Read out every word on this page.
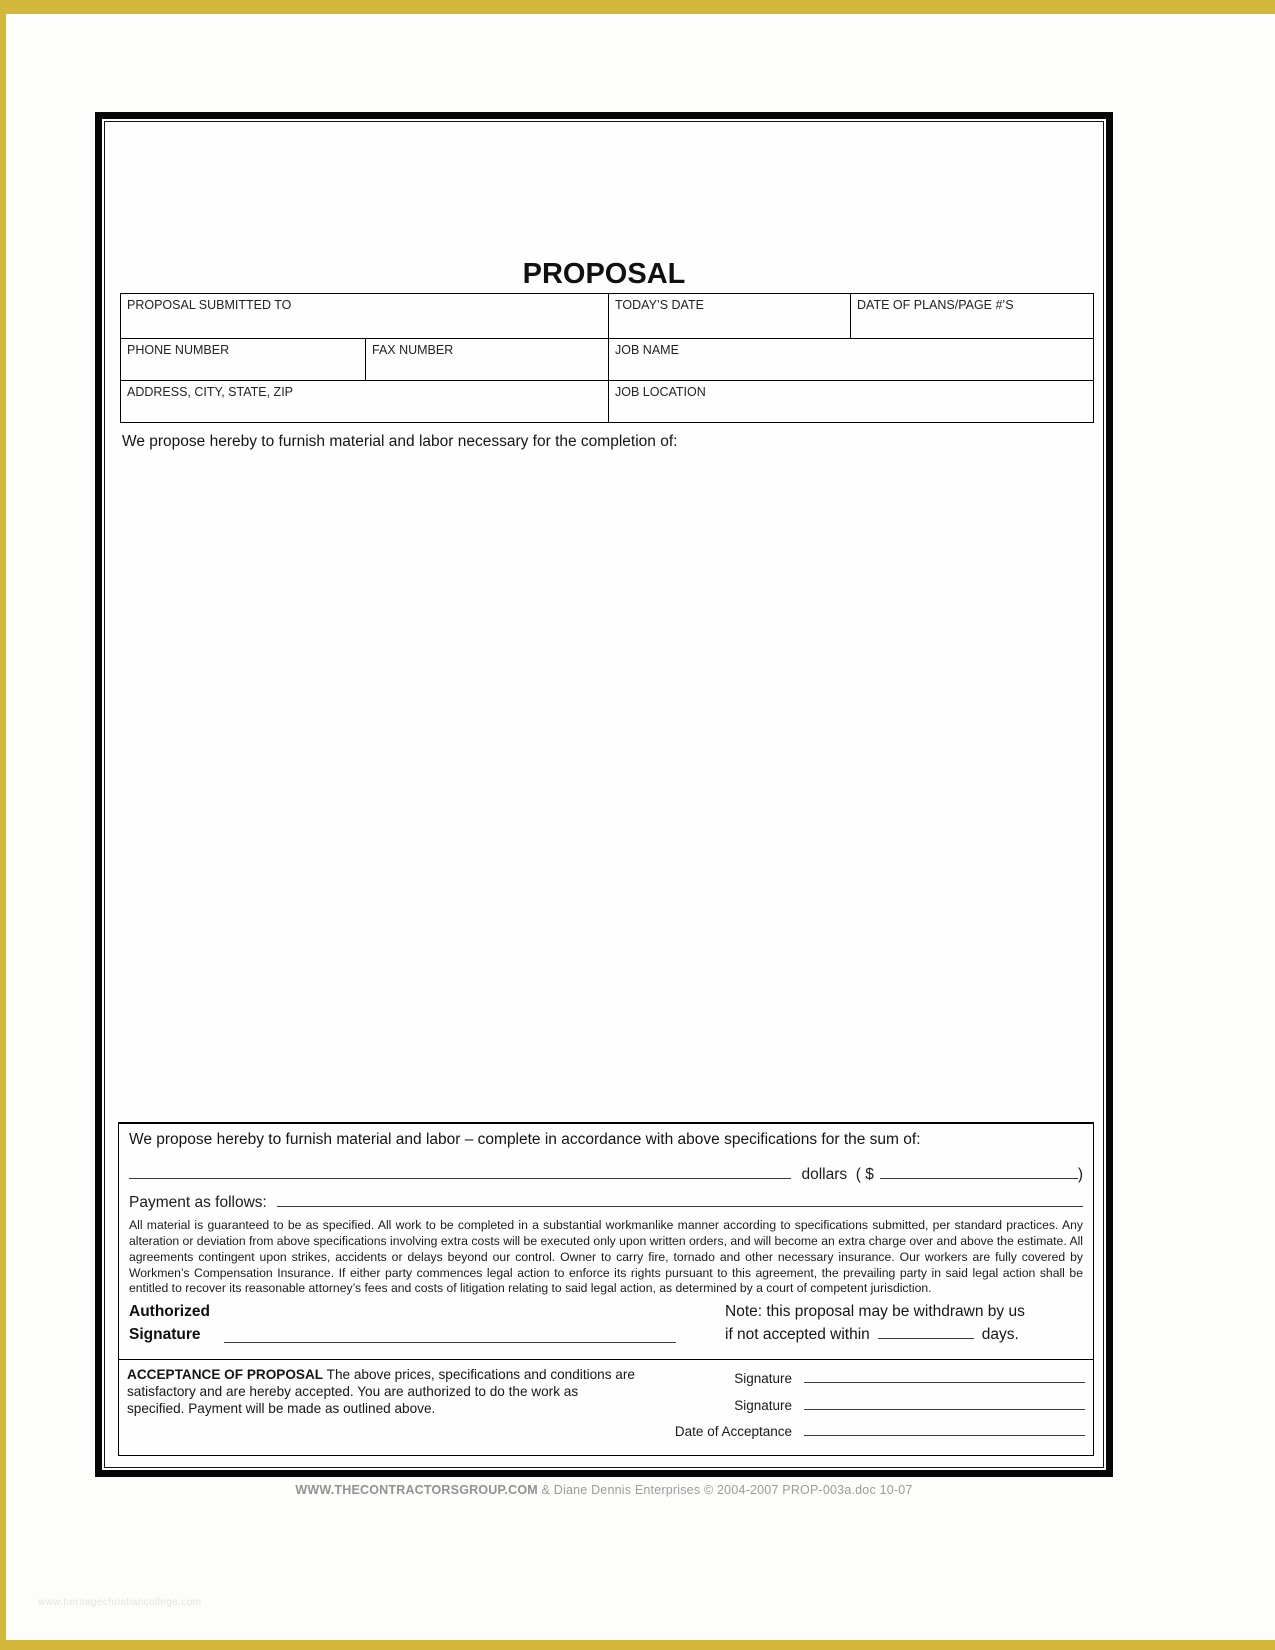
PROPOSAL
PROPOSAL SUBMITTED TO		TODAY’S DATE	DATE OF PLANS/PAGE #’S
PHONE NUMBER	FAX NUMBER	JOB NAME	
ADDRESS, CITY, STATE, ZIP		JOB LOCATION	
We propose hereby to furnish material and labor necessary for the completion of:
We propose hereby to furnish material and labor – complete in accordance with above specifications for the sum of:
dollars  ( $	)
Payment as follows:
All material is guaranteed to be as specified. All work to be completed in a substantial workmanlike manner according to specifications submitted, per standard practices. Any alteration or deviation from above specifications involving extra costs will be executed only upon written orders, and will become an extra charge over and above the estimate. All agreements contingent upon strikes, accidents or delays beyond our control. Owner to carry fire, tornado and other necessary insurance. Our workers are fully covered by Workmen’s Compensation Insurance. If either party commences legal action to enforce its rights pursuant to this agreement, the prevailing party in said legal action shall be entitled to recover its reasonable attorney’s fees and costs of litigation relating to said legal action, as determined by a court of competent jurisdiction.
Authorized
Signature
Note: this proposal may be withdrawn by us
if not accepted within	days.
ACCEPTANCE OF PROPOSAL The above prices, specifications and conditions are satisfactory and are hereby accepted. You are authorized to do the work as specified. Payment will be made as outlined above.
Signature
Signature
Date of Acceptance
WWW.THECONTRACTORSGROUP.COM & Diane Dennis Enterprises © 2004-2007 PROP-003a.doc 10-07
www.heritagechristiancollege.com
